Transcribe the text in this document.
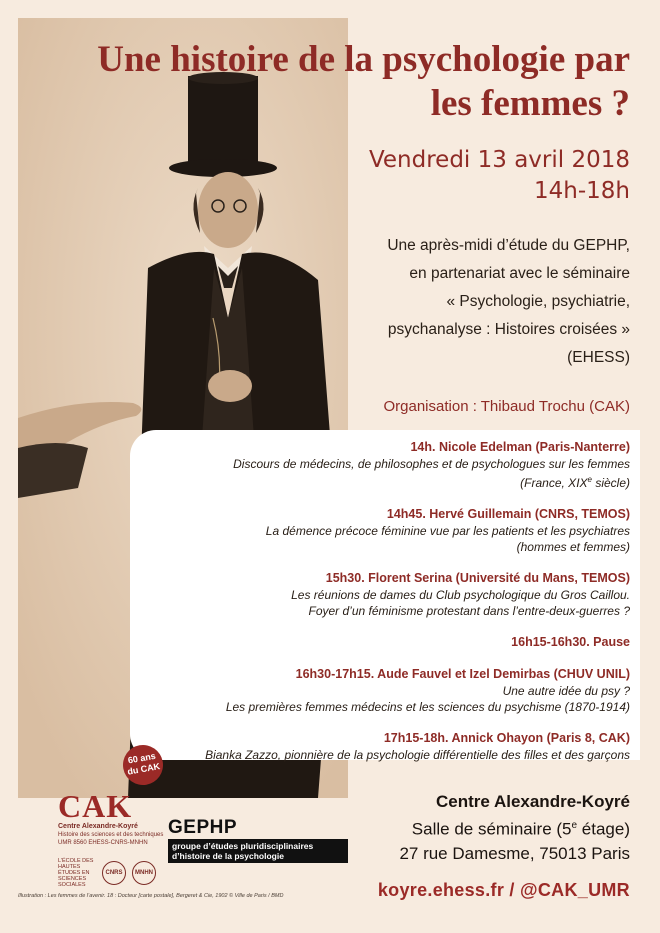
Une histoire de la psychologie par
les femmes ?
Vendredi 13 avril 2018
14h-18h
Une après-midi d’étude du GEPHP,
en partenariat avec le séminaire
« Psychologie, psychiatrie,
psychanalyse : Histoires croisées »
(EHESS)
Organisation : Thibaud Trochu (CAK)
14h. Nicole Edelman (Paris-Nanterre)
Discours de médecins, de philosophes et de psychologues sur les femmes
(France, XIXe siècle)
14h45. Hervé Guillemain (CNRS, TEMOS)
La démence précoce féminine vue par les patients et les psychiatres
(hommes et femmes)
15h30. Florent Serina (Université du Mans, TEMOS)
Les réunions de dames du Club psychologique du Gros Caillou.
Foyer d’un féminisme protestant dans l’entre-deux-guerres ?
16h15-16h30. Pause
16h30-17h15. Aude Fauvel et Izel Demirbas (CHUV UNIL)
Une autre idée du psy ?
Les premières femmes médecins et les sciences du psychisme (1870-1914)
17h15-18h. Annick Ohayon (Paris 8, CAK)
Bianka Zazzo, pionnière de la psychologie différentielle des filles et des garçons
60 ans
du CAK
CAK
Centre Alexandre-Koyré
Histoire des sciences et des techniques
UMR 8560 EHESS-CNRS-MNHN
L’ÉCOLE DES HAUTES ÉTUDES EN SCIENCES SOCIALES
CNRS	MNHN
GEPHP
groupe d’études pluridisciplinaires
d’histoire de la psychologie
Centre Alexandre-Koyré
Salle de séminaire (5e étage)
27 rue Damesme, 75013 Paris
Illustration : Les femmes de l’avenir. 18 : Docteur [carte postale], Bergeret & Cie, 1902 © Ville de Paris / BMD	koyre.ehess.fr / @CAK_UMR
